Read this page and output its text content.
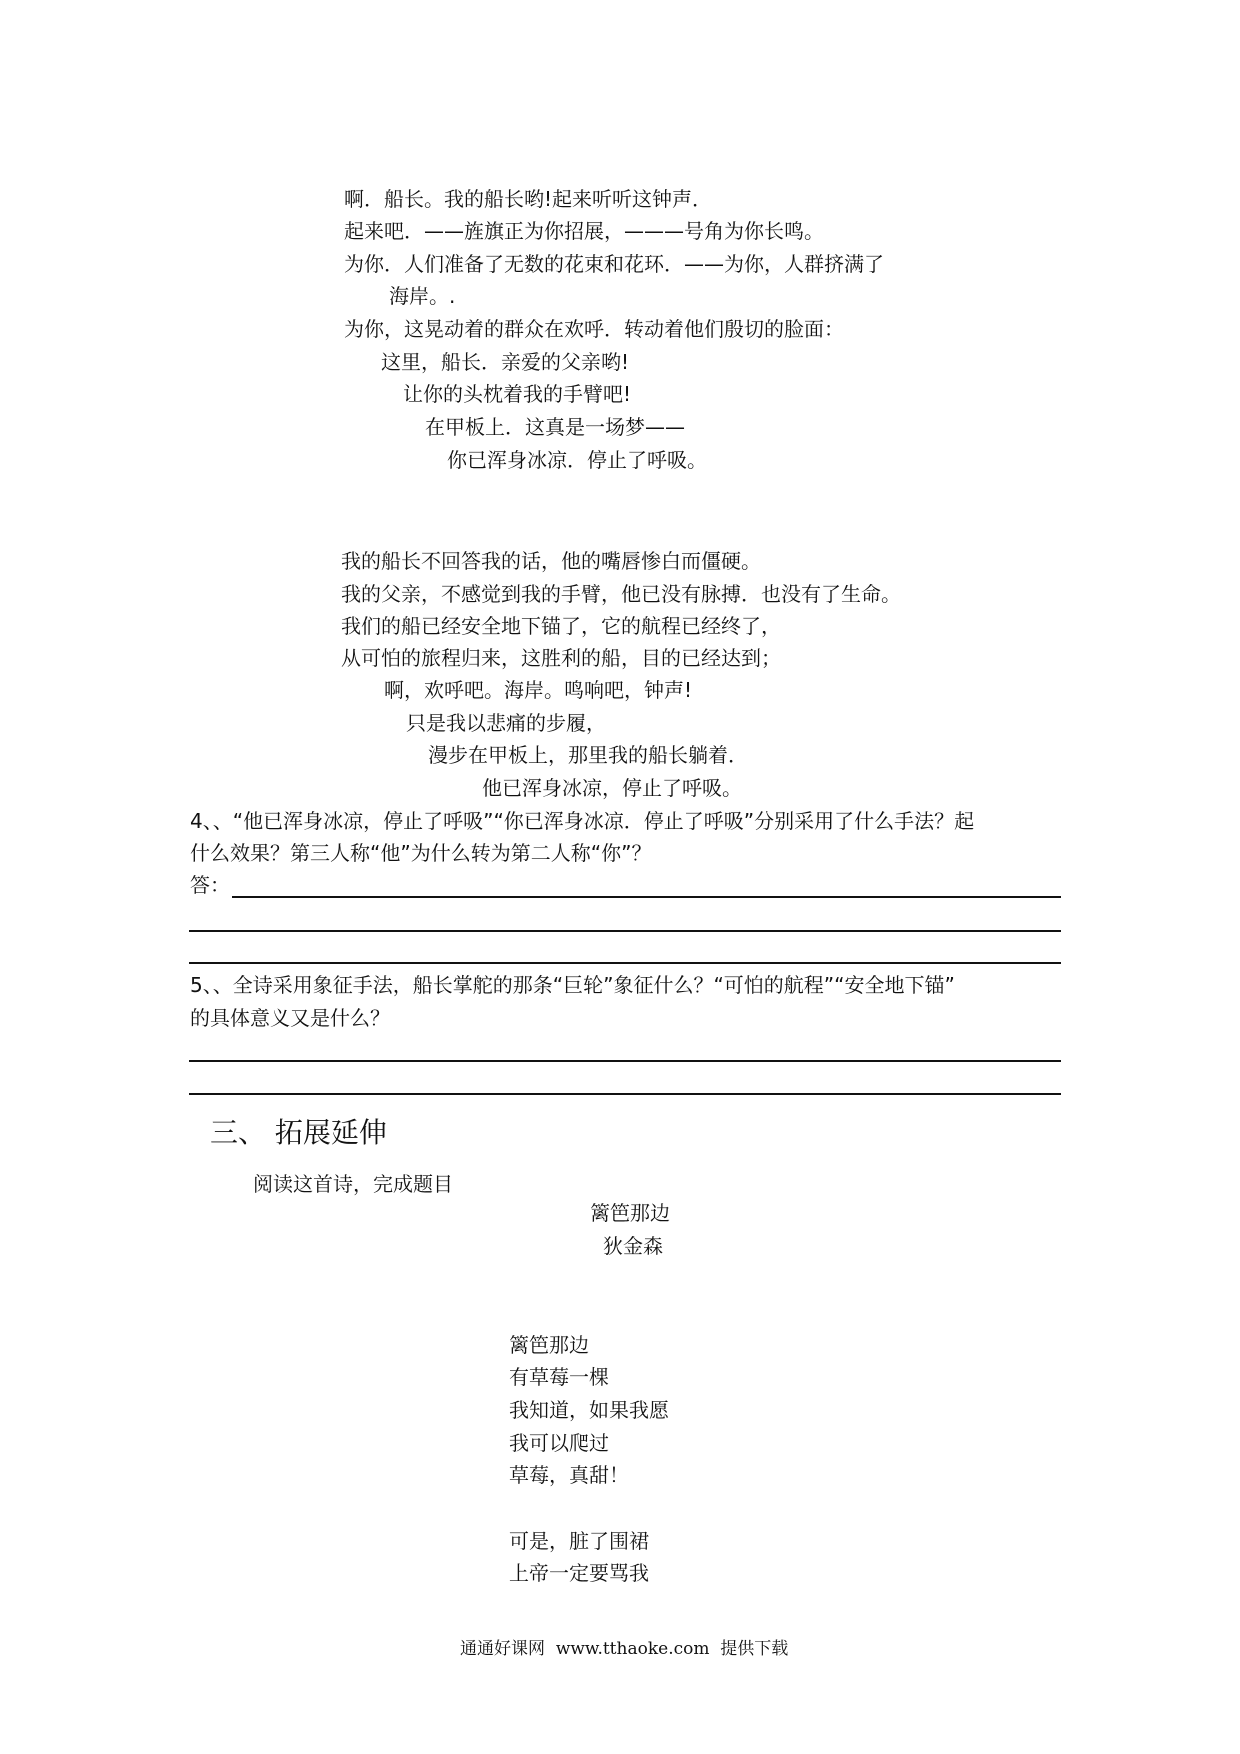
啊．船长。我的船长哟!起来听听这钟声．
起来吧．——旌旗正为你招展，———号角为你长鸣。
为你．人们准备了无数的花束和花环．——为你，人群挤满了
海岸。.
为你，这晃动着的群众在欢呼．转动着他们殷切的脸面：
这里，船长．亲爱的父亲哟!
让你的头枕着我的手臂吧!
在甲板上．这真是一场梦——
你已浑身冰凉．停止了呼吸。
我的船长不回答我的话，他的嘴唇惨白而僵硬。
我的父亲，不感觉到我的手臂，他已没有脉搏．也没有了生命。
我们的船已经安全地下锚了，它的航程已经终了，
从可怕的旅程归来，这胜利的船，目的已经达到；
啊，欢呼吧。海岸。鸣响吧，钟声!
只是我以悲痛的步履，
漫步在甲板上，那里我的船长躺着．
他已浑身冰凉，停止了呼吸。
4、、“他已浑身冰凉，停止了呼吸”“你已浑身冰凉．停止了呼吸”分别采用了什么手法？起
什么效果？第三人称“他”为什么转为第二人称“你”？
答：
5、、全诗采用象征手法，船长掌舵的那条“巨轮”象征什么？“可怕的航程”“安全地下锚”
的具体意义又是什么？
三、 拓展延伸
阅读这首诗，完成题目
篱笆那边
狄金森
篱笆那边
有草莓一棵
我知道，如果我愿
我可以爬过
草莓，真甜！
可是，脏了围裙
上帝一定要骂我
通通好课网 www.tthaoke.com 提供下载
